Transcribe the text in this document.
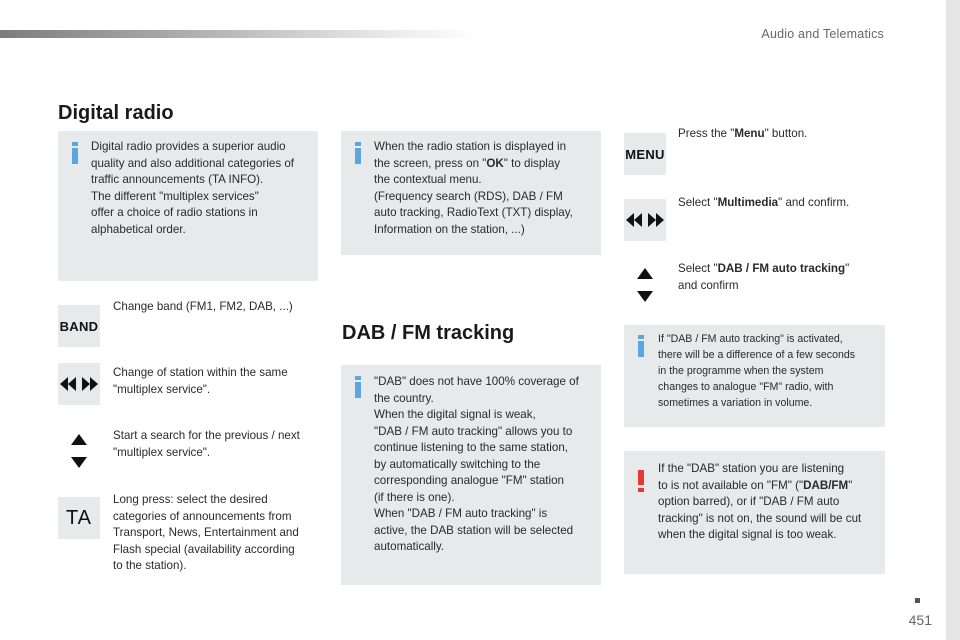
Audio and Telematics
Digital radio
Digital radio provides a superior audio
quality and also additional categories of
traffic announcements (TA INFO).
The different "multiplex services"
offer a choice of radio stations in
alphabetical order.
BAND
Change band (FM1, FM2, DAB, ...)
Change of station within the same
"multiplex service".
Start a search for the previous / next
"multiplex service".
TA
Long press: select the desired
categories of announcements from
Transport, News, Entertainment and
Flash special (availability according
to the station).
When the radio station is displayed in
the screen, press on "OK" to display
the contextual menu.
(Frequency search (RDS), DAB / FM
auto tracking, RadioText (TXT) display,
Information on the station, ...)
DAB / FM tracking
"DAB" does not have 100% coverage of
the country.
When the digital signal is weak,
"DAB / FM auto tracking" allows you to
continue listening to the same station,
by automatically switching to the
corresponding analogue "FM" station
(if there is one).
When "DAB / FM auto tracking" is
active, the DAB station will be selected
automatically.
MENU
Press the "Menu" button.
Select "Multimedia" and confirm.
Select "DAB / FM auto tracking"
and confirm
If "DAB / FM auto tracking" is activated,
there will be a difference of a few seconds
in the programme when the system
changes to analogue "FM" radio, with
sometimes a variation in volume.
If the "DAB" station you are listening
to is not available on "FM" ("DAB/FM"
option barred), or if "DAB / FM auto
tracking" is not on, the sound will be cut
when the digital signal is too weak.
451
